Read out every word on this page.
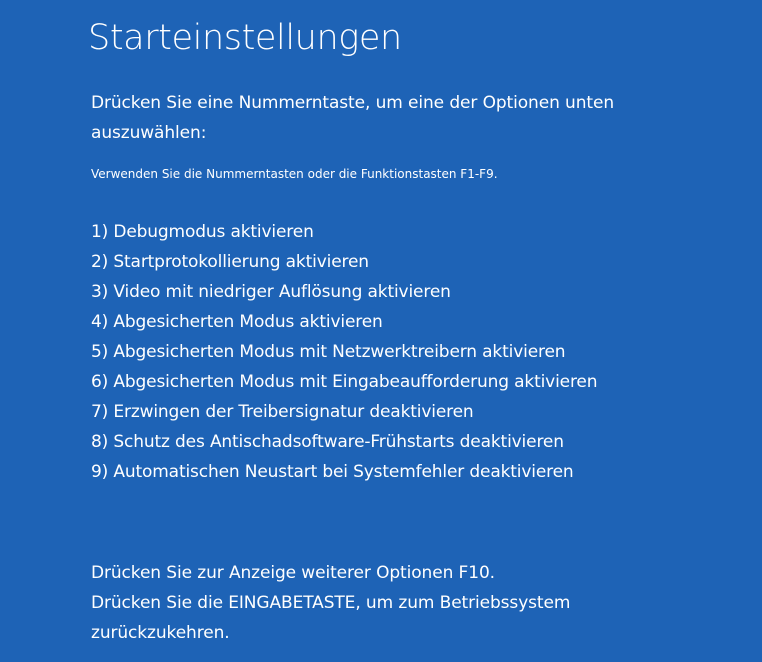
Starteinstellungen
Drücken Sie eine Nummerntaste, um eine der Optionen unten auszuwählen:
Verwenden Sie die Nummerntasten oder die Funktionstasten F1-F9.
1) Debugmodus aktivieren
2) Startprotokollierung aktivieren
3) Video mit niedriger Auflösung aktivieren
4) Abgesicherten Modus aktivieren
5) Abgesicherten Modus mit Netzwerktreibern aktivieren
6) Abgesicherten Modus mit Eingabeaufforderung aktivieren
7) Erzwingen der Treibersignatur deaktivieren
8) Schutz des Antischadsoftware-Frühstarts deaktivieren
9) Automatischen Neustart bei Systemfehler deaktivieren

Drücken Sie zur Anzeige weiterer Optionen F10.

Drücken Sie die EINGABETASTE, um zum Betriebssystem zurückzukehren.
